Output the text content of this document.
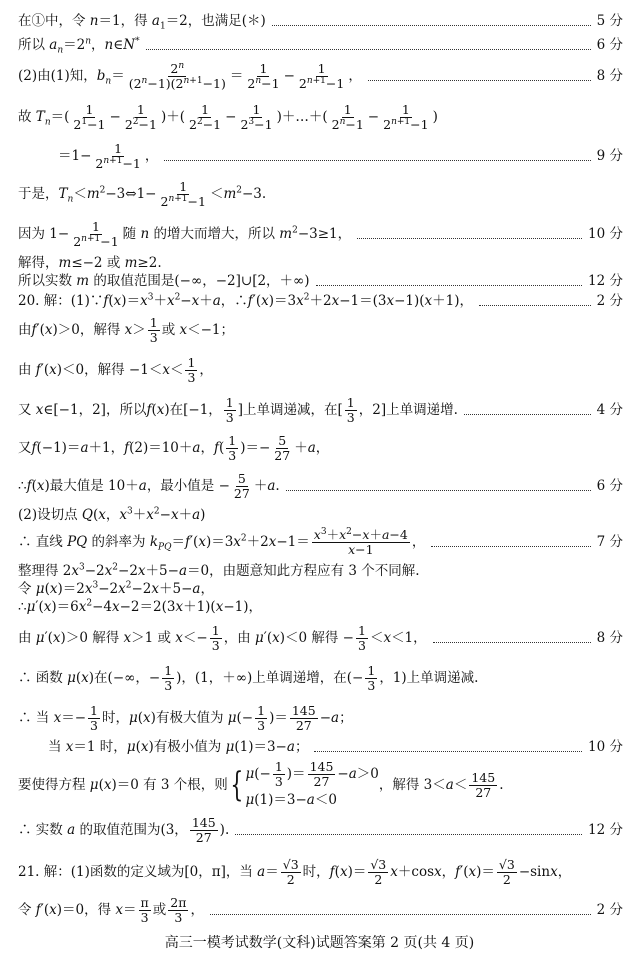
在①中，令 n＝1，得 $a_1=2$，也满足(＊)	5 分
所以 $a_n=2^n$，n∈N*	6 分
(2)由(1)知，$b_n= \frac{2^n}{(2^n-1)(2^{n+1}-1)} = \frac{1}{2^n-1} - \frac{1}{2^{n+1}-1}$ ，	8 分
故 $T_n=( \frac{1}{2^1-1} - \frac{1}{2^2-1}$ )＋( $\frac{1}{2^2-1} - \frac{1}{2^3-1}$ )＋…＋( $\frac{1}{2^n-1} - \frac{1}{2^{n+1}-1}$ )
$=1- \frac{1}{2^{n+1}-1}$ ，	9 分
于是，$T_n<m^2-3\Leftrightarrow 1- \frac{1}{2^{n+1}-1} <m^2-3$.
因为 $1- \frac{1}{2^{n+1}-1}$ 随 n 的增大而增大，所以 $m^2-3\ge 1$，	10 分
解得，m≤−2 或 m≥2.
所以实数 m 的取值范围是(−∞，−2]∪[2，＋∞)	12 分
20. 解：$(1)\because f(x)=x^3+x^2-x+a$，$\therefore f'(x)=3x^2+2x-1=(3x-1)(x+1)$，	2 分
由f′(x)＞0，解得 $x> \frac{1}{3}$ 或 x＜−1；
由 f′(x)＜0，解得 $-1<x< \frac{1}{3}$ ，
又 x∈[−1，2]，所以f(x)在[−1， $\frac{1}{3}$ ]上单调递减，在[ $\frac{1}{3}$ ，2]上单调递增.	4 分
又f(−1)＝a＋1，f(2)＝10＋a，$f( \frac{1}{3}$ )＝− $\frac{5}{27} +a$，
∴f(x)最大值是 10＋a，最小值是 − $\frac{5}{27} +a$.	6 分
(2)设切点 Q(x，$x^3+x^2-x+a$)
∴ 直线 PQ 的斜率为 $k_{PQ}=f'(x)=3x^2+2x-1= \frac{x^3+x^2-x+a-4}{x-1}$ ，	7 分
整理得 $2x^3-2x^2-2x+5-a=0$，由题意知此方程应有 3 个不同解.
令 $\mu(x)=2x^3-2x^2-2x+5-a$，
$\therefore\mu'(x)=6x^2-4x-2=2(3x+1)(x-1)$，
由 μ′(x)＞0 解得 x＞1 或 $x<- \frac{1}{3}$ ，由 μ′(x)＜0 解得 − $\frac{1}{3} <x<1$，	8 分
∴ 函数 μ(x)在(−∞，− $\frac{1}{3}$ )，(1，＋∞)上单调递增，在(− $\frac{1}{3}$ ，1)上单调递减.
∴ 当 $x=- \frac{1}{3}$ 时，μ(x)有极大值为 $\mu(- \frac{1}{3}$ )＝ $\frac{145}{27} -a$；
当 x＝1 时，μ(x)有极小值为 μ(1)＝3−a；	10 分
要使得方程 μ(x)＝0 有 3 个根，则{ $\mu(- \frac{1}{3}$ )＝ $\frac{145}{27} -a>0$
μ(1)＝3−a＜0
，解得 $3<a< \frac{145}{27}$ .
∴ 实数 a 的取值范围为(3， $\frac{145}{27}$ ).	12 分
21. 解：(1)函数的定义域为[0，π]，当 $a= \frac{√3}{2}$ 时，$f(x)= \frac{√3}{2} x+\cos x$，$f'(x)= \frac{√3}{2} -\sin x$，
令 f′(x)＝0，得 $x= \frac{\pi}{3}$ 或 $\frac{2\pi}{3}$ ，	2 分
高三一模考试数学(文科)试题答案第 2 页(共 4 页)
